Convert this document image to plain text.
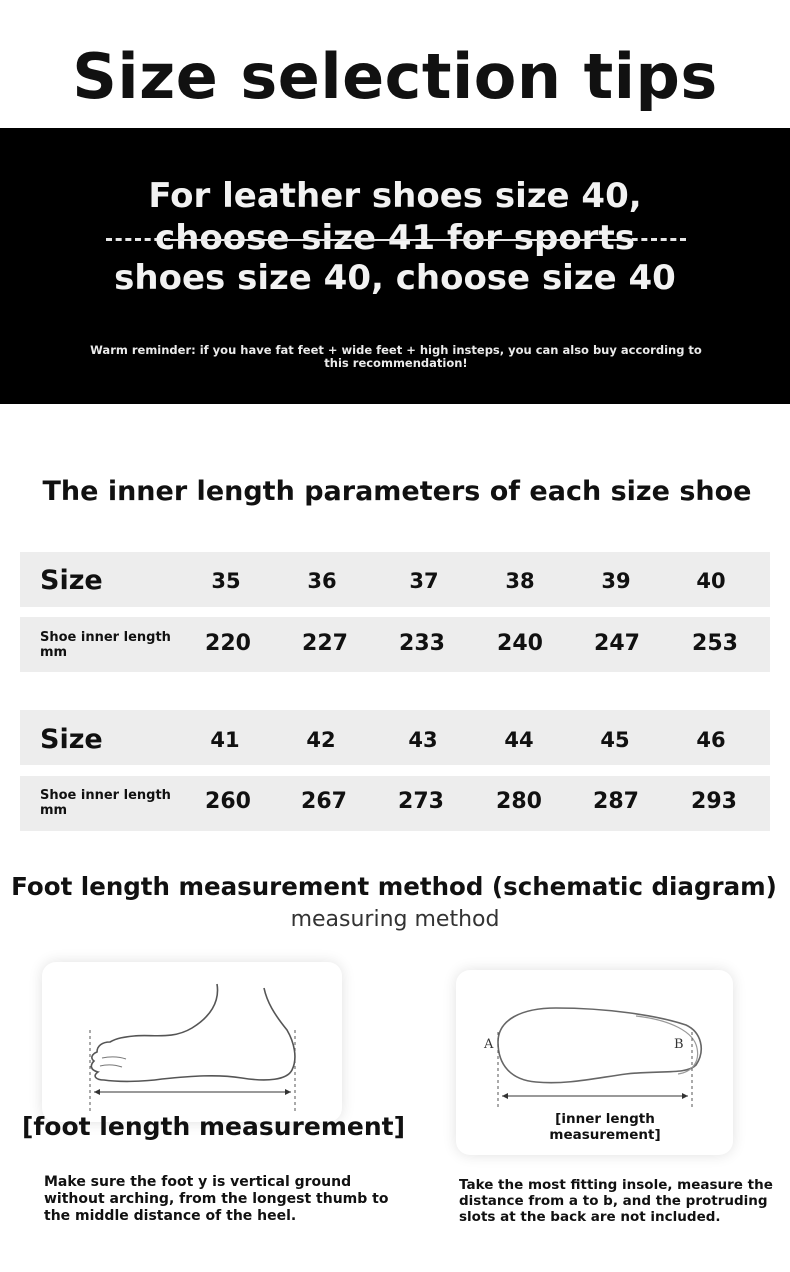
Size selection tips
For leather shoes size 40,
choose size 41 for sports
shoes size 40, choose size 40
Warm reminder: if you have fat feet + wide feet + high insteps, you can also buy according to this recommendation!
The inner length parameters of each size shoe
Size	35	36	37	38	39	40
Shoe inner length mm	220	227	233	240	247	253
Size	41	42	43	44	45	46
Shoe inner length mm	260	267	273	280	287	293
Foot length measurement method (schematic diagram)
measuring method
[foot length measurement]
A	B
[inner length measurement]
Make sure the foot y is vertical ground without arching, from the longest thumb to the middle distance of the heel.
Take the most fitting insole, measure the distance from a to b, and the protruding slots at the back are not included.
